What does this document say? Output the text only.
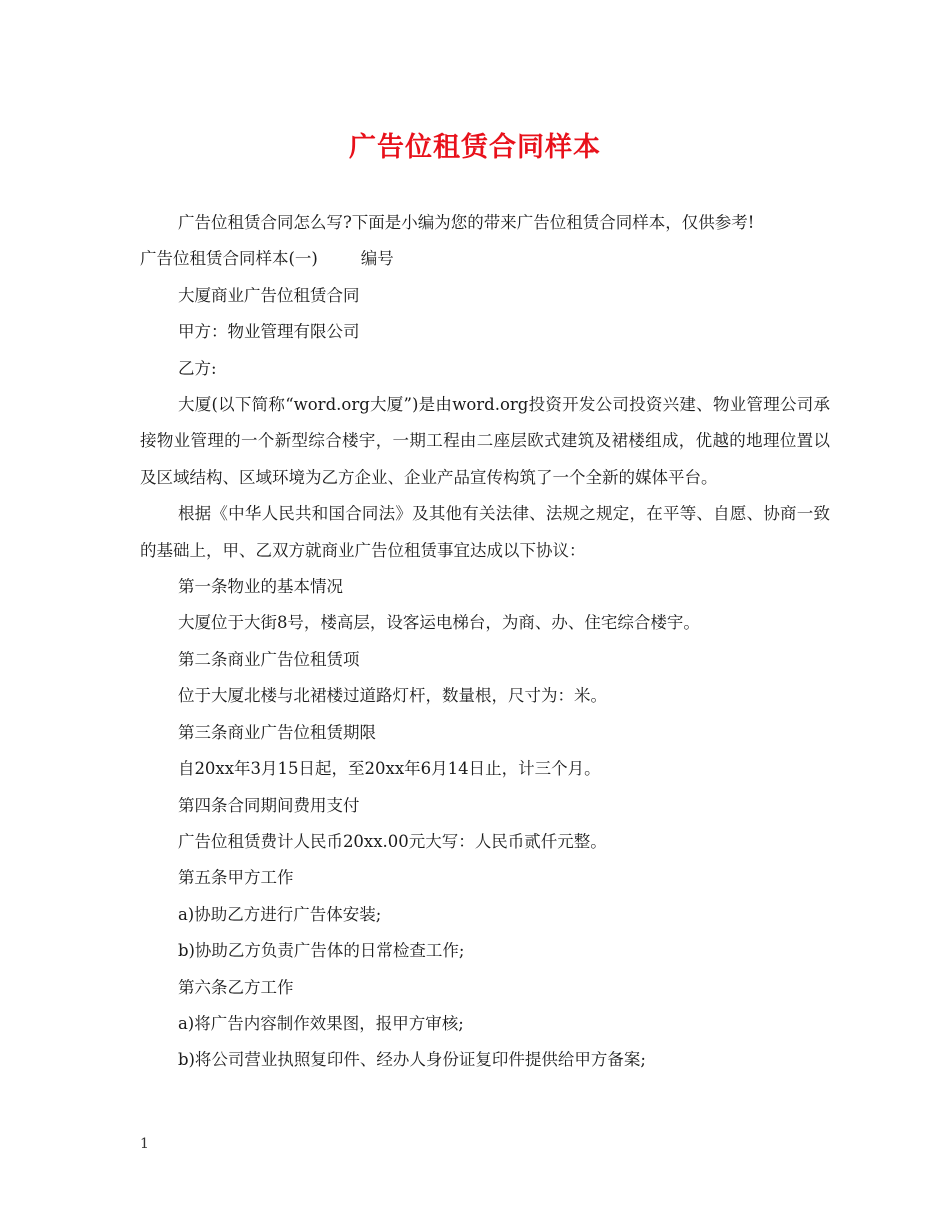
广告位租赁合同样本

广告位租赁合同怎么写?下面是小编为您的带来广告位租赁合同样本，仅供参考!

广告位租赁合同样本(一)	编号

大厦商业广告位租赁合同

甲方：物业管理有限公司

乙方:

大厦(以下简称“word.org大厦”)是由word.org投资开发公司投资兴建、物业管理公司承接物业管理的一个新型综合楼宇，一期工程由二座层欧式建筑及裙楼组成，优越的地理位置以及区域结构、区域环境为乙方企业、企业产品宣传构筑了一个全新的媒体平台。

根据《中华人民共和国合同法》及其他有关法律、法规之规定，在平等、自愿、协商一致的基础上，甲、乙双方就商业广告位租赁事宜达成以下协议：

第一条物业的基本情况

大厦位于大街8号，楼高层，设客运电梯台，为商、办、住宅综合楼宇。

第二条商业广告位租赁项

位于大厦北楼与北裙楼过道路灯杆，数量根，尺寸为：米。

第三条商业广告位租赁期限

自20xx年3月15日起，至20xx年6月14日止，计三个月。

第四条合同期间费用支付

广告位租赁费计人民币20xx.00元大写：人民币贰仟元整。

第五条甲方工作

a)协助乙方进行广告体安装;

b)协助乙方负责广告体的日常检查工作;

第六条乙方工作

a)将广告内容制作效果图，报甲方审核;

b)将公司营业执照复印件、经办人身份证复印件提供给甲方备案;

1
